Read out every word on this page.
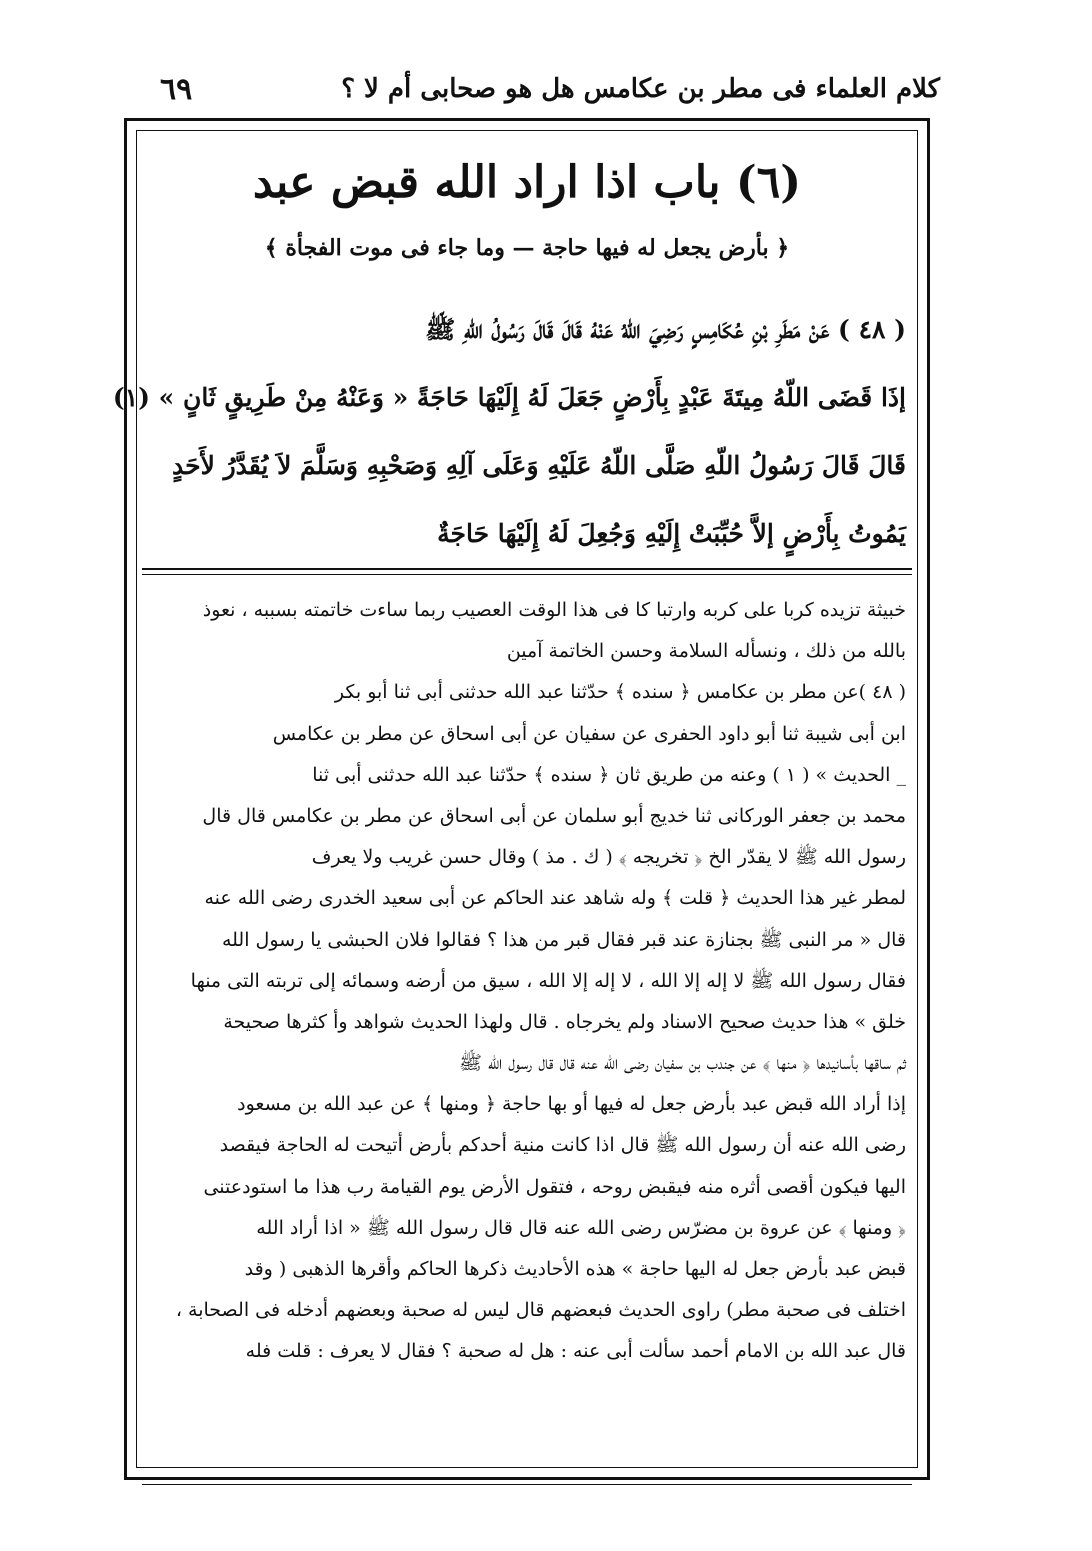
كلام العلماء فى مطر بن عكامس هل هو صحابى أم لا ؟
٦٩
(٦) باب اذا اراد الله قبض عبد
﴿ بأرض يجعل له فيها حاجة — وما جاء فى موت الفجأة ﴾
( ٤٨ ) عَنْ مَطَرِ بْنِ عُكَامِسٍ رَضِيَ اللّهُ عَنْهُ قَالَ قَالَ رَسُولُ اللّهِ ﷺ
إذَا قَضَى اللّهُ مِيتَةَ عَبْدٍ بِأَرْضٍ جَعَلَ لَهُ إِلَيْهَا حَاجَةً « وَعَنْهُ مِنْ طَرِيقٍ ثَانٍ » (١)
قَالَ قَالَ رَسُولُ اللّهِ صَلَّى اللّهُ عَلَيْهِ وَعَلَى آلِهِ وَصَحْبِهِ وَسَلَّمَ لاَ يُقَدَّرُ لأَحَدٍ
يَمُوتُ بِأَرْضٍ إلاَّ حُبِّبَتْ إِلَيْهِ وَجُعِلَ لَهُ إِلَيْهَا حَاجَةٌ
خبيثة تزيده كربا على كربه وارتبا كا فى هذا الوقت العصيب ربما ساءت خاتمته بسببه ، نعوذ
بالله من ذلك ، ونسأله السلامة وحسن الخاتمة آمين
( ٤٨ )عن مطر بن عكامس ﴿ سنده ﴾ حدّثنا عبد الله حدثنى أبى ثنا أبو بكر
ابن أبى شيبة ثنا أبو داود الحفرى عن سفيان عن أبى اسحاق عن مطر بن عكامس
_ الحديث » ( ١ ) وعنه من طريق ثان ﴿ سنده ﴾ حدّثنا عبد الله حدثنى أبى ثنا
محمد بن جعفر الوركانى ثنا خديج أبو سلمان عن أبى اسحاق عن مطر بن عكامس قال قال
رسول الله ﷺ لا يقدّر الخ ﴿ تخريجه ﴾ ( ك . مذ ) وقال حسن غريب ولا يعرف
لمطر غير هذا الحديث ﴿ قلت ﴾ وله شاهد عند الحاكم عن أبى سعيد الخدرى رضى الله عنه
قال « مر النبى ﷺ بجنازة عند قبر فقال قبر من هذا ؟ فقالوا فلان الحبشى يا رسول الله
فقال رسول الله ﷺ لا إله إلا الله ، لا إله إلا الله ، سيق من أرضه وسمائه إلى تربته التى منها
خلق » هذا حديث صحيح الاسناد ولم يخرجاه . قال ولهذا الحديث شواهد وأ كثرها صحيحة
ثم ساقها بأسانيدها ﴿ منها ﴾ عن جندب بن سفيان رضى الله عنه قال قال رسول الله ﷺ
إذا أراد الله قبض عبد بأرض جعل له فيها أو بها حاجة ﴿ ومنها ﴾ عن عبد الله بن مسعود
رضى الله عنه أن رسول الله ﷺ قال اذا كانت منية أحدكم بأرض أتيحت له الحاجة فيقصد
اليها فيكون أقصى أثره منه فيقبض روحه ، فتقول الأرض يوم القيامة رب هذا ما استودعتنى
﴿ ومنها ﴾ عن عروة بن مضرّس رضى الله عنه قال قال رسول الله ﷺ « اذا أراد الله
قبض عبد بأرض جعل له اليها حاجة » هذه الأحاديث ذكرها الحاكم وأقرها الذهبى ( وقد
اختلف فى صحبة مطر) راوى الحديث فبعضهم قال ليس له صحبة وبعضهم أدخله فى الصحابة ،
قال عبد الله بن الامام أحمد سألت أبى عنه : هل له صحبة ؟ فقال لا يعرف : قلت فله
